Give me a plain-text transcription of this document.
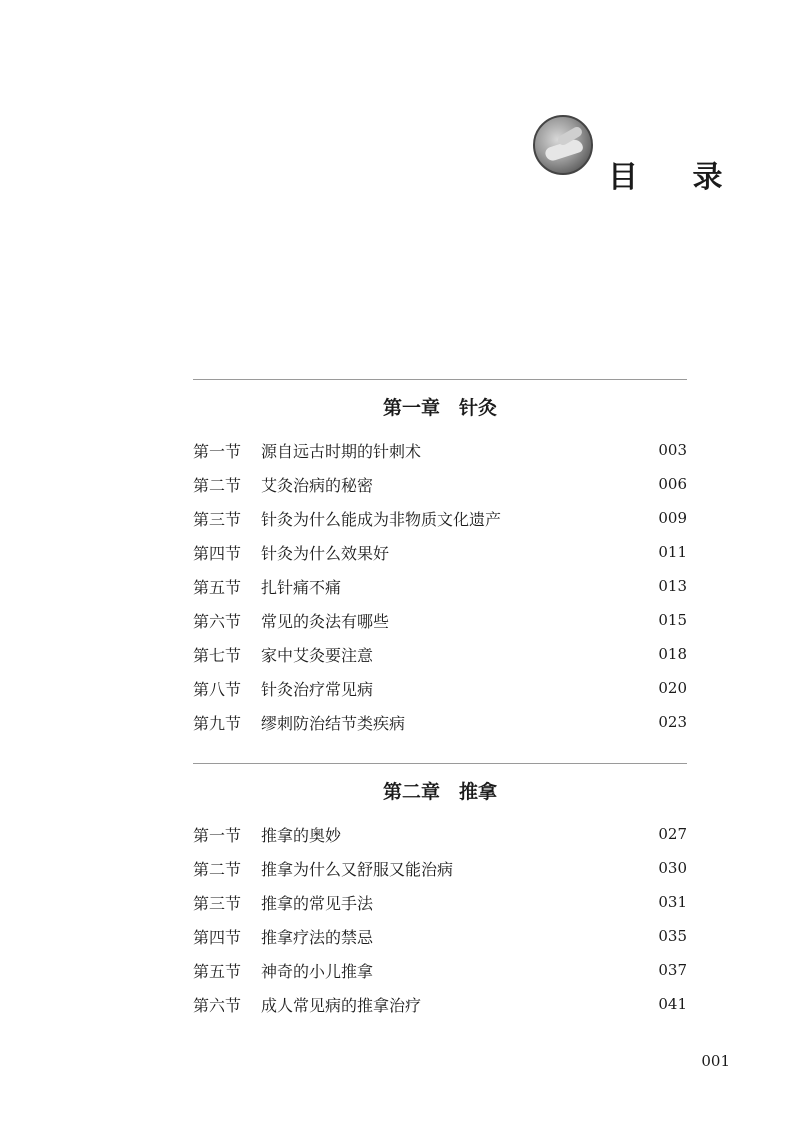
目 录
第一章　针灸
第一节	源自远古时期的针刺术	003
第二节	艾灸治病的秘密	006
第三节	针灸为什么能成为非物质文化遗产	009
第四节	针灸为什么效果好	011
第五节	扎针痛不痛	013
第六节	常见的灸法有哪些	015
第七节	家中艾灸要注意	018
第八节	针灸治疗常见病	020
第九节	缪刺防治结节类疾病	023
第二章　推拿
第一节	推拿的奥妙	027
第二节	推拿为什么又舒服又能治病	030
第三节	推拿的常见手法	031
第四节	推拿疗法的禁忌	035
第五节	神奇的小儿推拿	037
第六节	成人常见病的推拿治疗	041
001
